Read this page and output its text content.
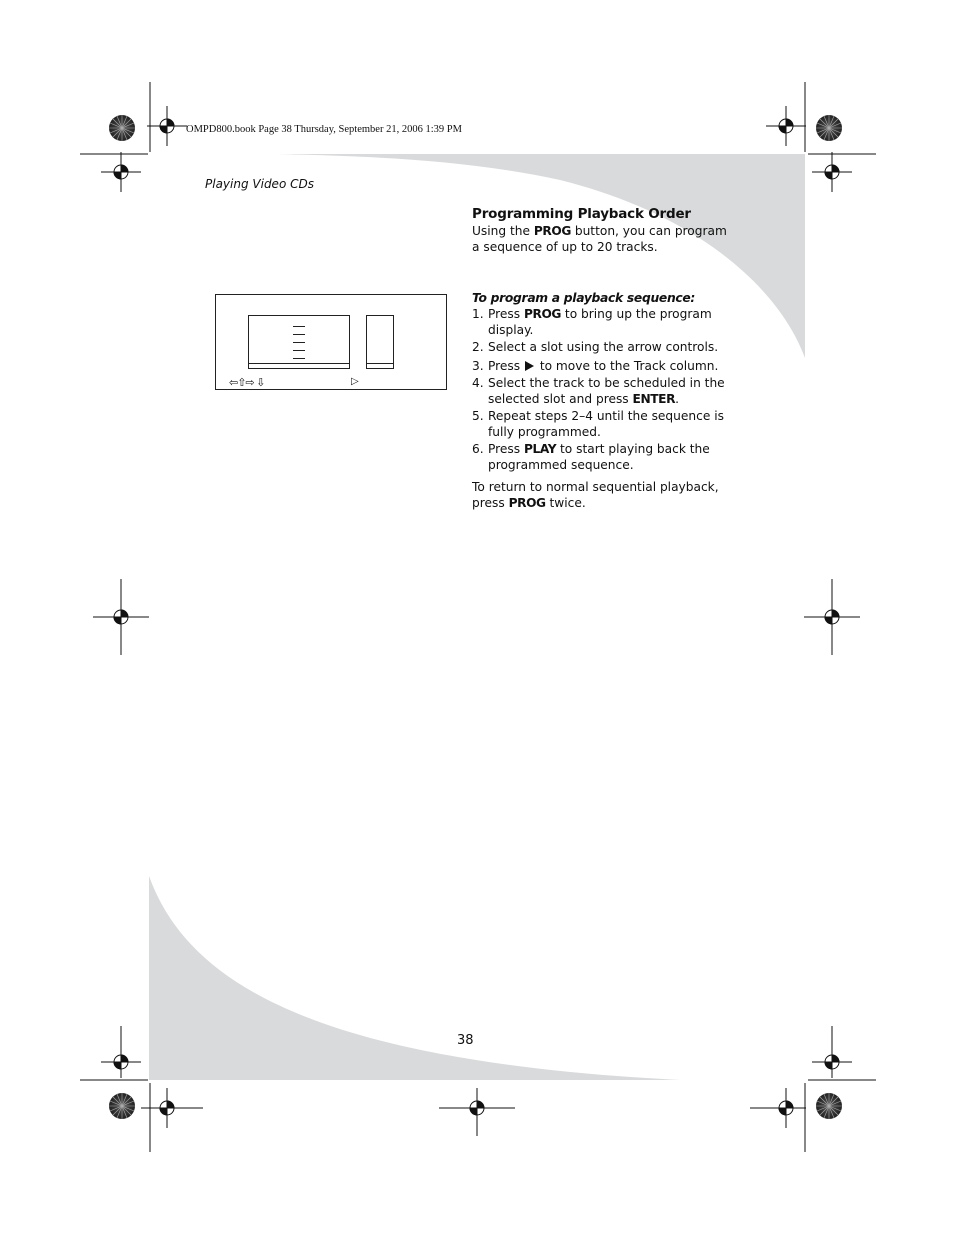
OMPD800.book Page 38 Thursday, September 21, 2006 1:39 PM
Playing Video CDs
⇦⇧⇨ ⇩	▷
Programming Playback Order
Using the PROG button, you can program a sequence of up to 20 tracks.
To program a playback sequence:
1. Press PROG to bring up the program display.
2. Select a slot using the arrow controls.
3. Press  to move to the Track column.
4. Select the track to be scheduled in the selected slot and press ENTER.
5. Repeat steps 2–4 until the sequence is fully programmed.
6. Press PLAY to start playing back the programmed sequence.
To return to normal sequential playback, press PROG twice.
38
